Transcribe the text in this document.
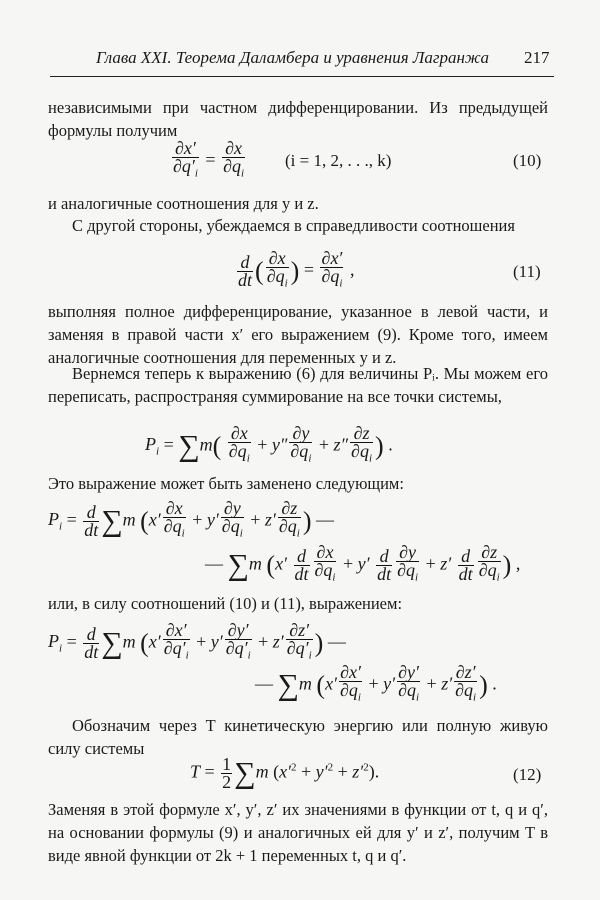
Глава XXI. Теорема Даламбера и уравнения Лагранжа 217
независимыми при частном дифференцировании. Из предыдущей формулы получим
$\frac{\partial x'}{\partial q'_i} = \frac{\partial x}{\partial q_i} (i = 1$, 2, . . ., k)	(10)
и аналогичные соотношения для y и z.
С другой стороны, убеждаемся в справедливости соотношения
$\frac{d}{dt}$ ( $\frac{\partial x}{\partial q_i}$ ) = $\frac{\partial x'}{\partial q_i}$ ,	(11)
выполняя полное дифференцирование, указанное в левой части, и заменяя в правой части x′ его выражением (9). Кроме того, имеем аналогичные соотношения для переменных y и z.
Вернемся теперь к выражению (6) для величины Pᵢ. Мы можем его переписать, распространяя суммирование на все точки системы,
$P_i = \sum m( \frac{\partial x}{\partial q_i} + y'' \frac{\partial y}{\partial q_i} + z'' \frac{\partial z}{\partial q_i}$ ) .
Это выражение может быть заменено следующим:
$P_i = \frac{d}{dt} \sum m$ ($x' \frac{\partial x}{\partial q_i} + y' \frac{\partial y}{\partial q_i} + z' \frac{\partial z}{\partial q_i}$ ) —
— ∑m ($x' \frac{d}{dt} \frac{\partial x}{\partial q_i} + y' \frac{d}{dt} \frac{\partial y}{\partial q_i} + z' \frac{d}{dt} \frac{\partial z}{\partial q_i}$ ) ,
или, в силу соотношений (10) и (11), выражением:
$P_i = \frac{d}{dt} \sum m$ ($x' \frac{\partial x'}{\partial q'_i} + y' \frac{\partial y'}{\partial q'_i} + z' \frac{\partial z'}{\partial q'_i}$ ) —
— ∑m ($x' \frac{\partial x'}{\partial q_i} + y' \frac{\partial y'}{\partial q_i} + z' \frac{\partial z'}{\partial q_i}$ ) .
Обозначим через T кинетическую энергию или полную живую силу системы
$T = \frac{1}{2} \sum m$ $(x'^2 + y'^2 + z'^2)$.	(12)
Заменяя в этой формуле x′, y′, z′ их значениями в функции от t, q и q′, на основании формулы (9) и аналогичных ей для y′ и z′, получим T в виде явной функции от 2k + 1 переменных t, q и q′.
